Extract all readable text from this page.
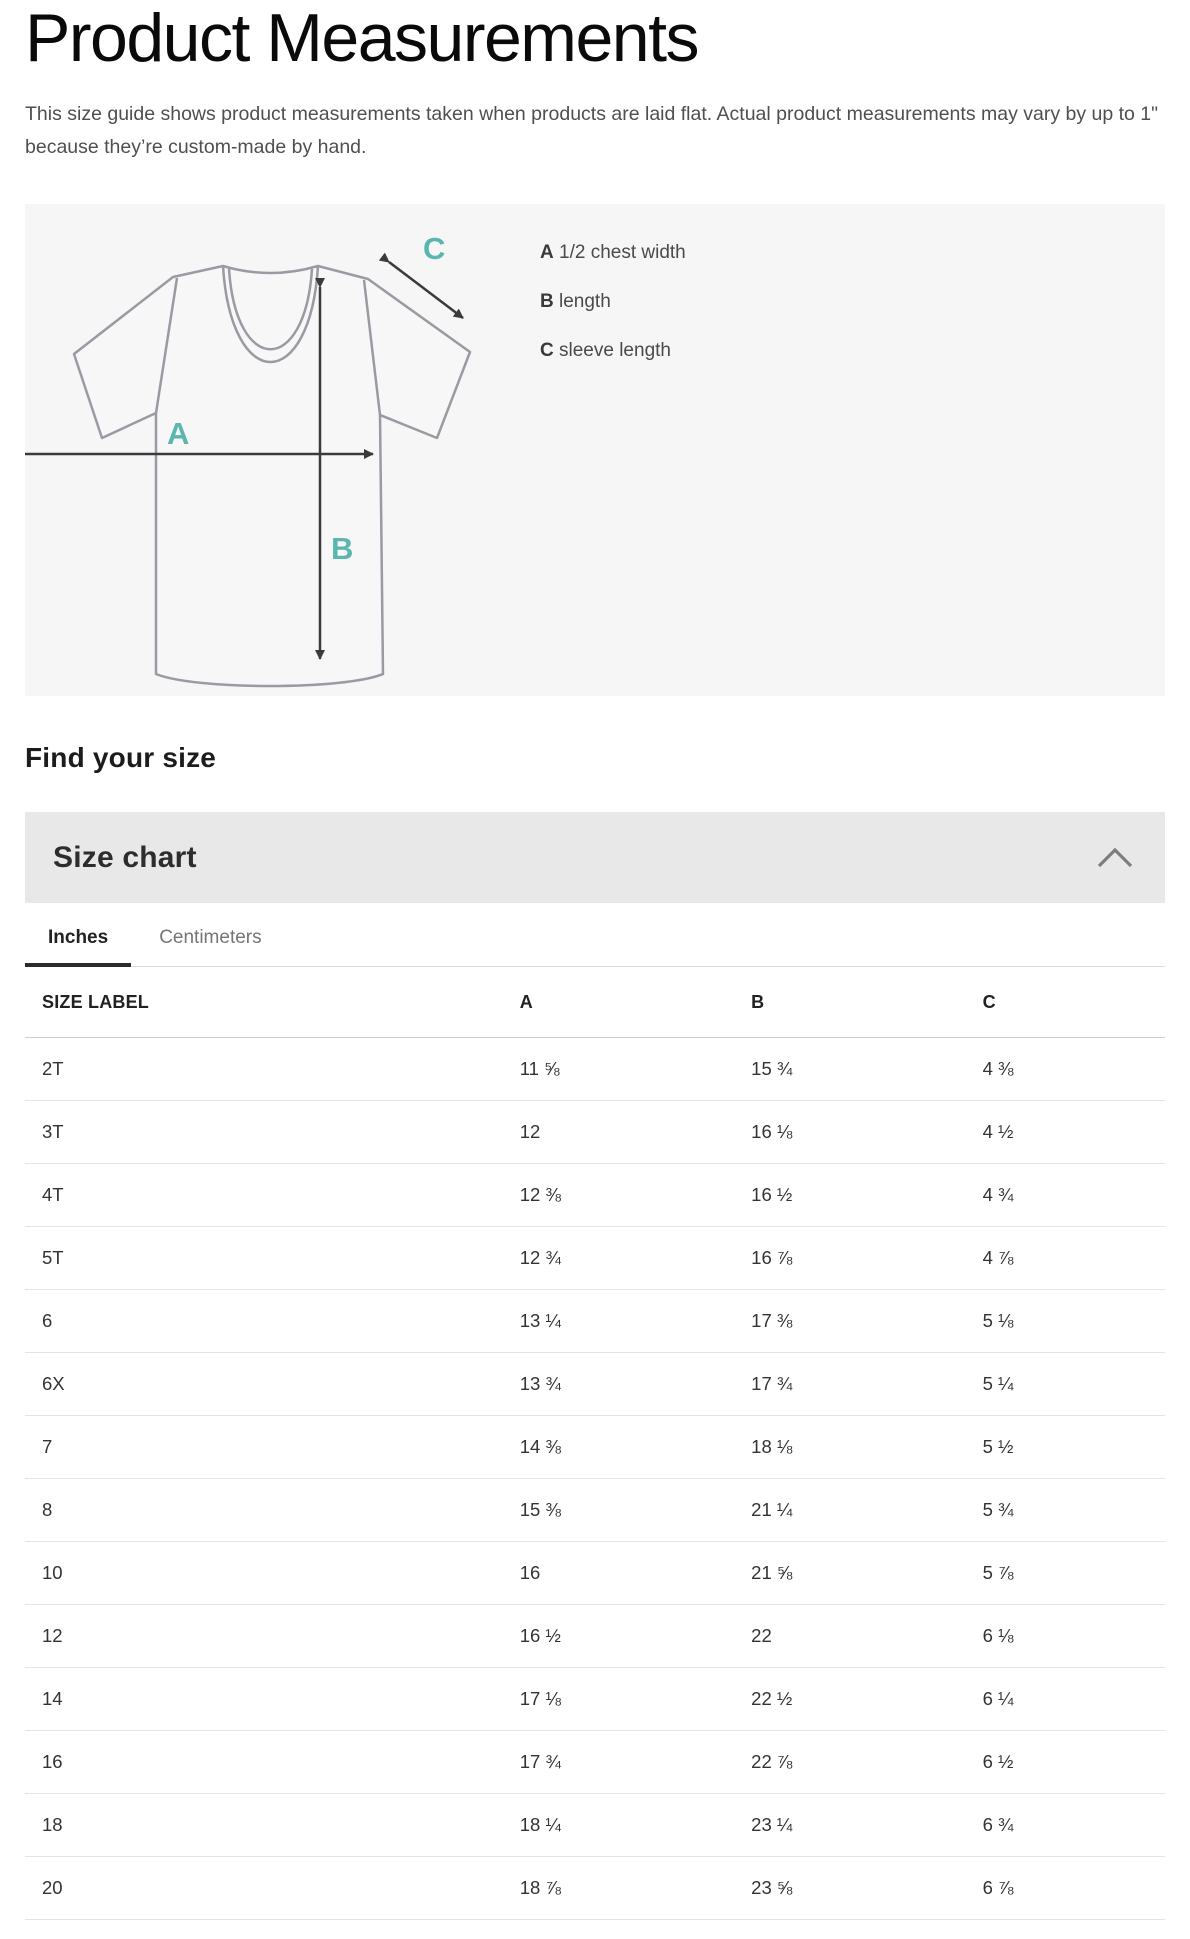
Product Measurements

This size guide shows product measurements taken when products are laid flat. Actual product measurements may vary by up to 1" because they’re custom-made by hand.

A
B
C	A 1/2 chest width
B length
C sleeve length
Find your size
Size chart
Inches	Centimeters
SIZE LABEL	A	B	C
2T	11 ⅝	15 ¾	4 ⅜
3T	12	16 ⅛	4 ½
4T	12 ⅜	16 ½	4 ¾
5T	12 ¾	16 ⅞	4 ⅞
6	13 ¼	17 ⅜	5 ⅛
6X	13 ¾	17 ¾	5 ¼
7	14 ⅜	18 ⅛	5 ½
8	15 ⅜	21 ¼	5 ¾
10	16	21 ⅝	5 ⅞
12	16 ½	22	6 ⅛
14	17 ⅛	22 ½	6 ¼
16	17 ¾	22 ⅞	6 ½
18	18 ¼	23 ¼	6 ¾
20	18 ⅞	23 ⅝	6 ⅞
